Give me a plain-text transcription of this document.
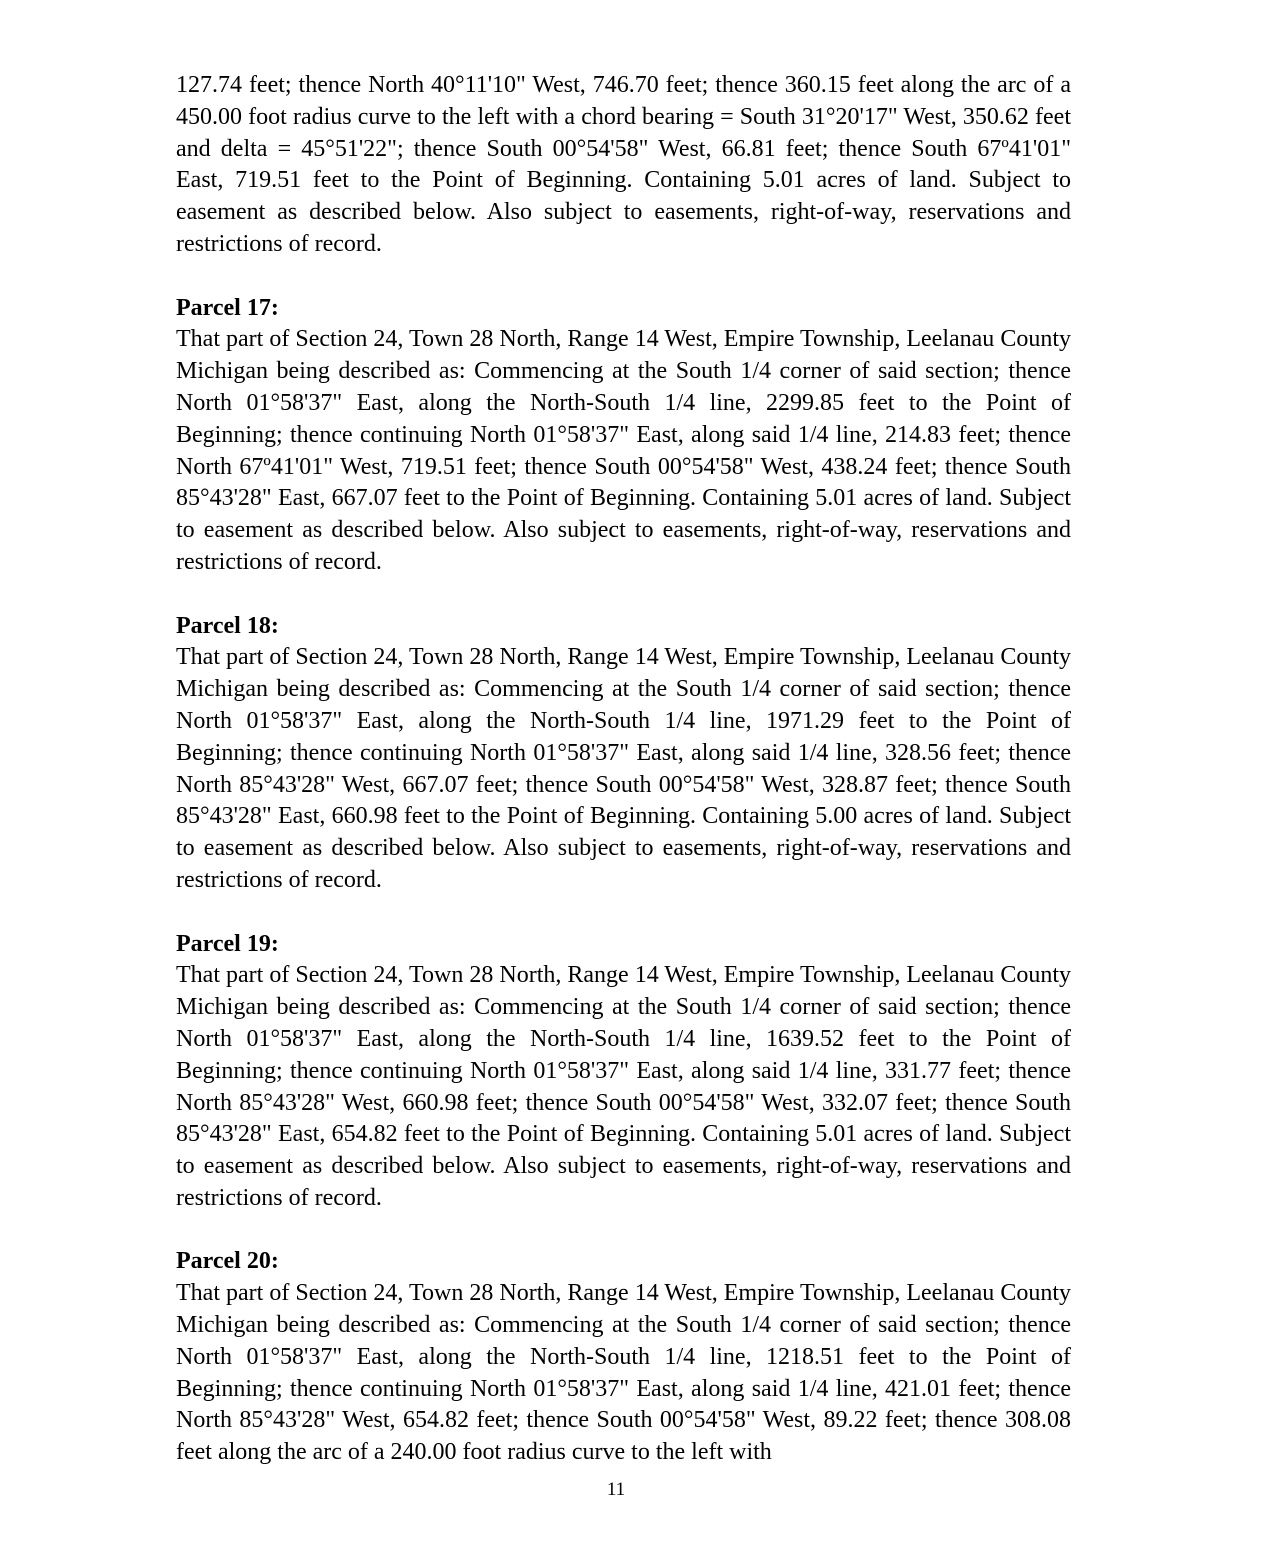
127.74 feet; thence North 40°11'10" West, 746.70 feet; thence 360.15 feet along the arc of a 450.00 foot radius curve to the left with a chord bearing = South 31°20'17" West, 350.62 feet and delta = 45°51'22"; thence South 00°54'58" West, 66.81 feet; thence South 67º41'01" East, 719.51 feet to the Point of Beginning. Containing 5.01 acres of land. Subject to easement as described below. Also subject to easements, right-of-way, reservations and restrictions of record.

Parcel 17:

That part of Section 24, Town 28 North, Range 14 West, Empire Township, Leelanau County Michigan being described as: Commencing at the South 1/4 corner of said section; thence North 01°58'37" East, along the North-South 1/4 line, 2299.85 feet to the Point of Beginning; thence continuing North 01°58'37" East, along said 1/4 line, 214.83 feet; thence North 67º41'01" West, 719.51 feet; thence South 00°54'58" West, 438.24 feet; thence South 85°43'28" East, 667.07 feet to the Point of Beginning. Containing 5.01 acres of land. Subject to easement as described below. Also subject to easements, right-of-way, reservations and restrictions of record.

Parcel 18:

That part of Section 24, Town 28 North, Range 14 West, Empire Township, Leelanau County Michigan being described as: Commencing at the South 1/4 corner of said section; thence North 01°58'37" East, along the North-South 1/4 line, 1971.29 feet to the Point of Beginning; thence continuing North 01°58'37" East, along said 1/4 line, 328.56 feet; thence North 85°43'28" West, 667.07 feet; thence South 00°54'58" West, 328.87 feet; thence South 85°43'28" East, 660.98 feet to the Point of Beginning. Containing 5.00 acres of land. Subject to easement as described below. Also subject to easements, right-of-way, reservations and restrictions of record.

Parcel 19:

That part of Section 24, Town 28 North, Range 14 West, Empire Township, Leelanau County Michigan being described as: Commencing at the South 1/4 corner of said section; thence North 01°58'37" East, along the North-South 1/4 line, 1639.52 feet to the Point of Beginning; thence continuing North 01°58'37" East, along said 1/4 line, 331.77 feet; thence North 85°43'28" West, 660.98 feet; thence South 00°54'58" West, 332.07 feet; thence South 85°43'28" East, 654.82 feet to the Point of Beginning. Containing 5.01 acres of land. Subject to easement as described below. Also subject to easements, right-of-way, reservations and restrictions of record.

Parcel 20:

That part of Section 24, Town 28 North, Range 14 West, Empire Township, Leelanau County Michigan being described as: Commencing at the South 1/4 corner of said section; thence North 01°58'37" East, along the North-South 1/4 line, 1218.51 feet to the Point of Beginning; thence continuing North 01°58'37" East, along said 1/4 line, 421.01 feet; thence North 85°43'28" West, 654.82 feet; thence South 00°54'58" West, 89.22 feet; thence 308.08 feet along the arc of a 240.00 foot radius curve to the left with

11
